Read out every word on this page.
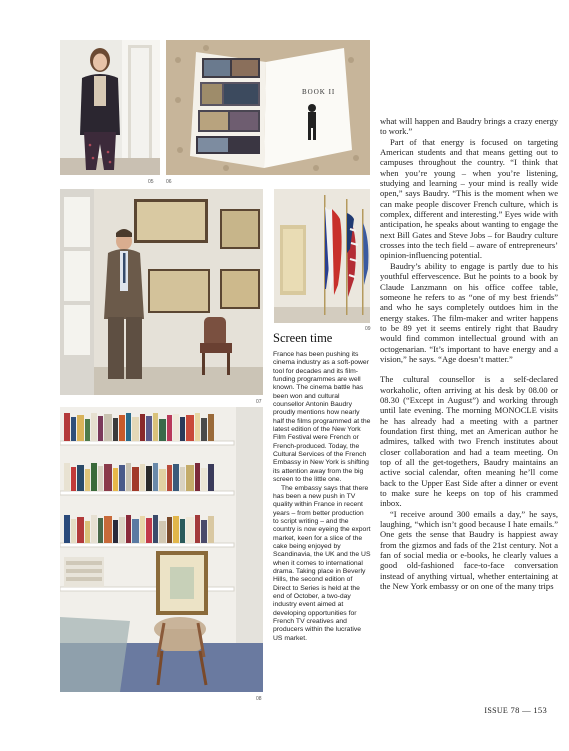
05
BOOK II
06
07
09
08
Screen time

France has been pushing its cinema industry as a soft-power tool for decades and its film-funding programmes are well known. The cinema battle has been won and cultural counsellor Antonin Baudry proudly mentions how nearly half the films programmed at the latest edition of the New York Film Festival were French or French-produced. Today, the Cultural Services of the French Embassy in New York is shifting its attention away from the big screen to the little one.

The embassy says that there has been a new push in TV quality within France in recent years – from better production to script writing – and the country is now eyeing the export market, keen for a slice of the cake being enjoyed by Scandinavia, the UK and the US when it comes to international drama. Taking place in Beverly Hills, the second edition of Direct to Series is held at the end of October, a two-day industry event aimed at developing opportunities for French TV creatives and producers within the lucrative US market.

what will happen and Baudry brings a crazy energy to work.”

Part of that energy is focused on targeting American students and that means getting out to campuses throughout the country. “I think that when you’re young – when you’re listening, studying and learning – your mind is really wide open,” says Baudry. “This is the moment when we can make people discover French culture, which is complex, different and interesting.” Eyes wide with anticipation, he speaks about wanting to engage the next Bill Gates and Steve Jobs – for Baudry culture crosses into the tech field – aware of entrepreneurs’ opinion-influencing potential.

Baudry’s ability to engage is partly due to his youthful effervescence. But he points to a book by Claude Lanzmann on his office coffee table, someone he refers to as “one of my best friends” and who he says completely outdoes him in the energy stakes. The film-maker and writer happens to be 89 yet it seems entirely right that Baudry would find common intellectual ground with an octogenarian. “It’s important to have energy and a vision,” he says. “Age doesn’t matter.”

The cultural counsellor is a self-declared workaholic, often arriving at his desk by 08.00 or 08.30 (“Except in August”) and working through until late evening. The morning MONOCLE visits he has already had a meeting with a partner foundation first thing, met an American author he admires, talked with two French institutes about closer collaboration and had a team meeting. On top of all the get-togethers, Baudry maintains an active social calendar, often meaning he’ll come back to the Upper East Side after a dinner or event to make sure he keeps on top of his crammed inbox.

“I receive around 300 emails a day,” he says, laughing, “which isn’t good because I hate emails.” One gets the sense that Baudry is happiest away from the gizmos and fads of the 21st century. Not a fan of social media or e-books, he clearly values a good old-fashioned face-to-face conversation instead of anything virtual, whether entertaining at the New York embassy or on one of the many trips

ISSUE 78 — 153
